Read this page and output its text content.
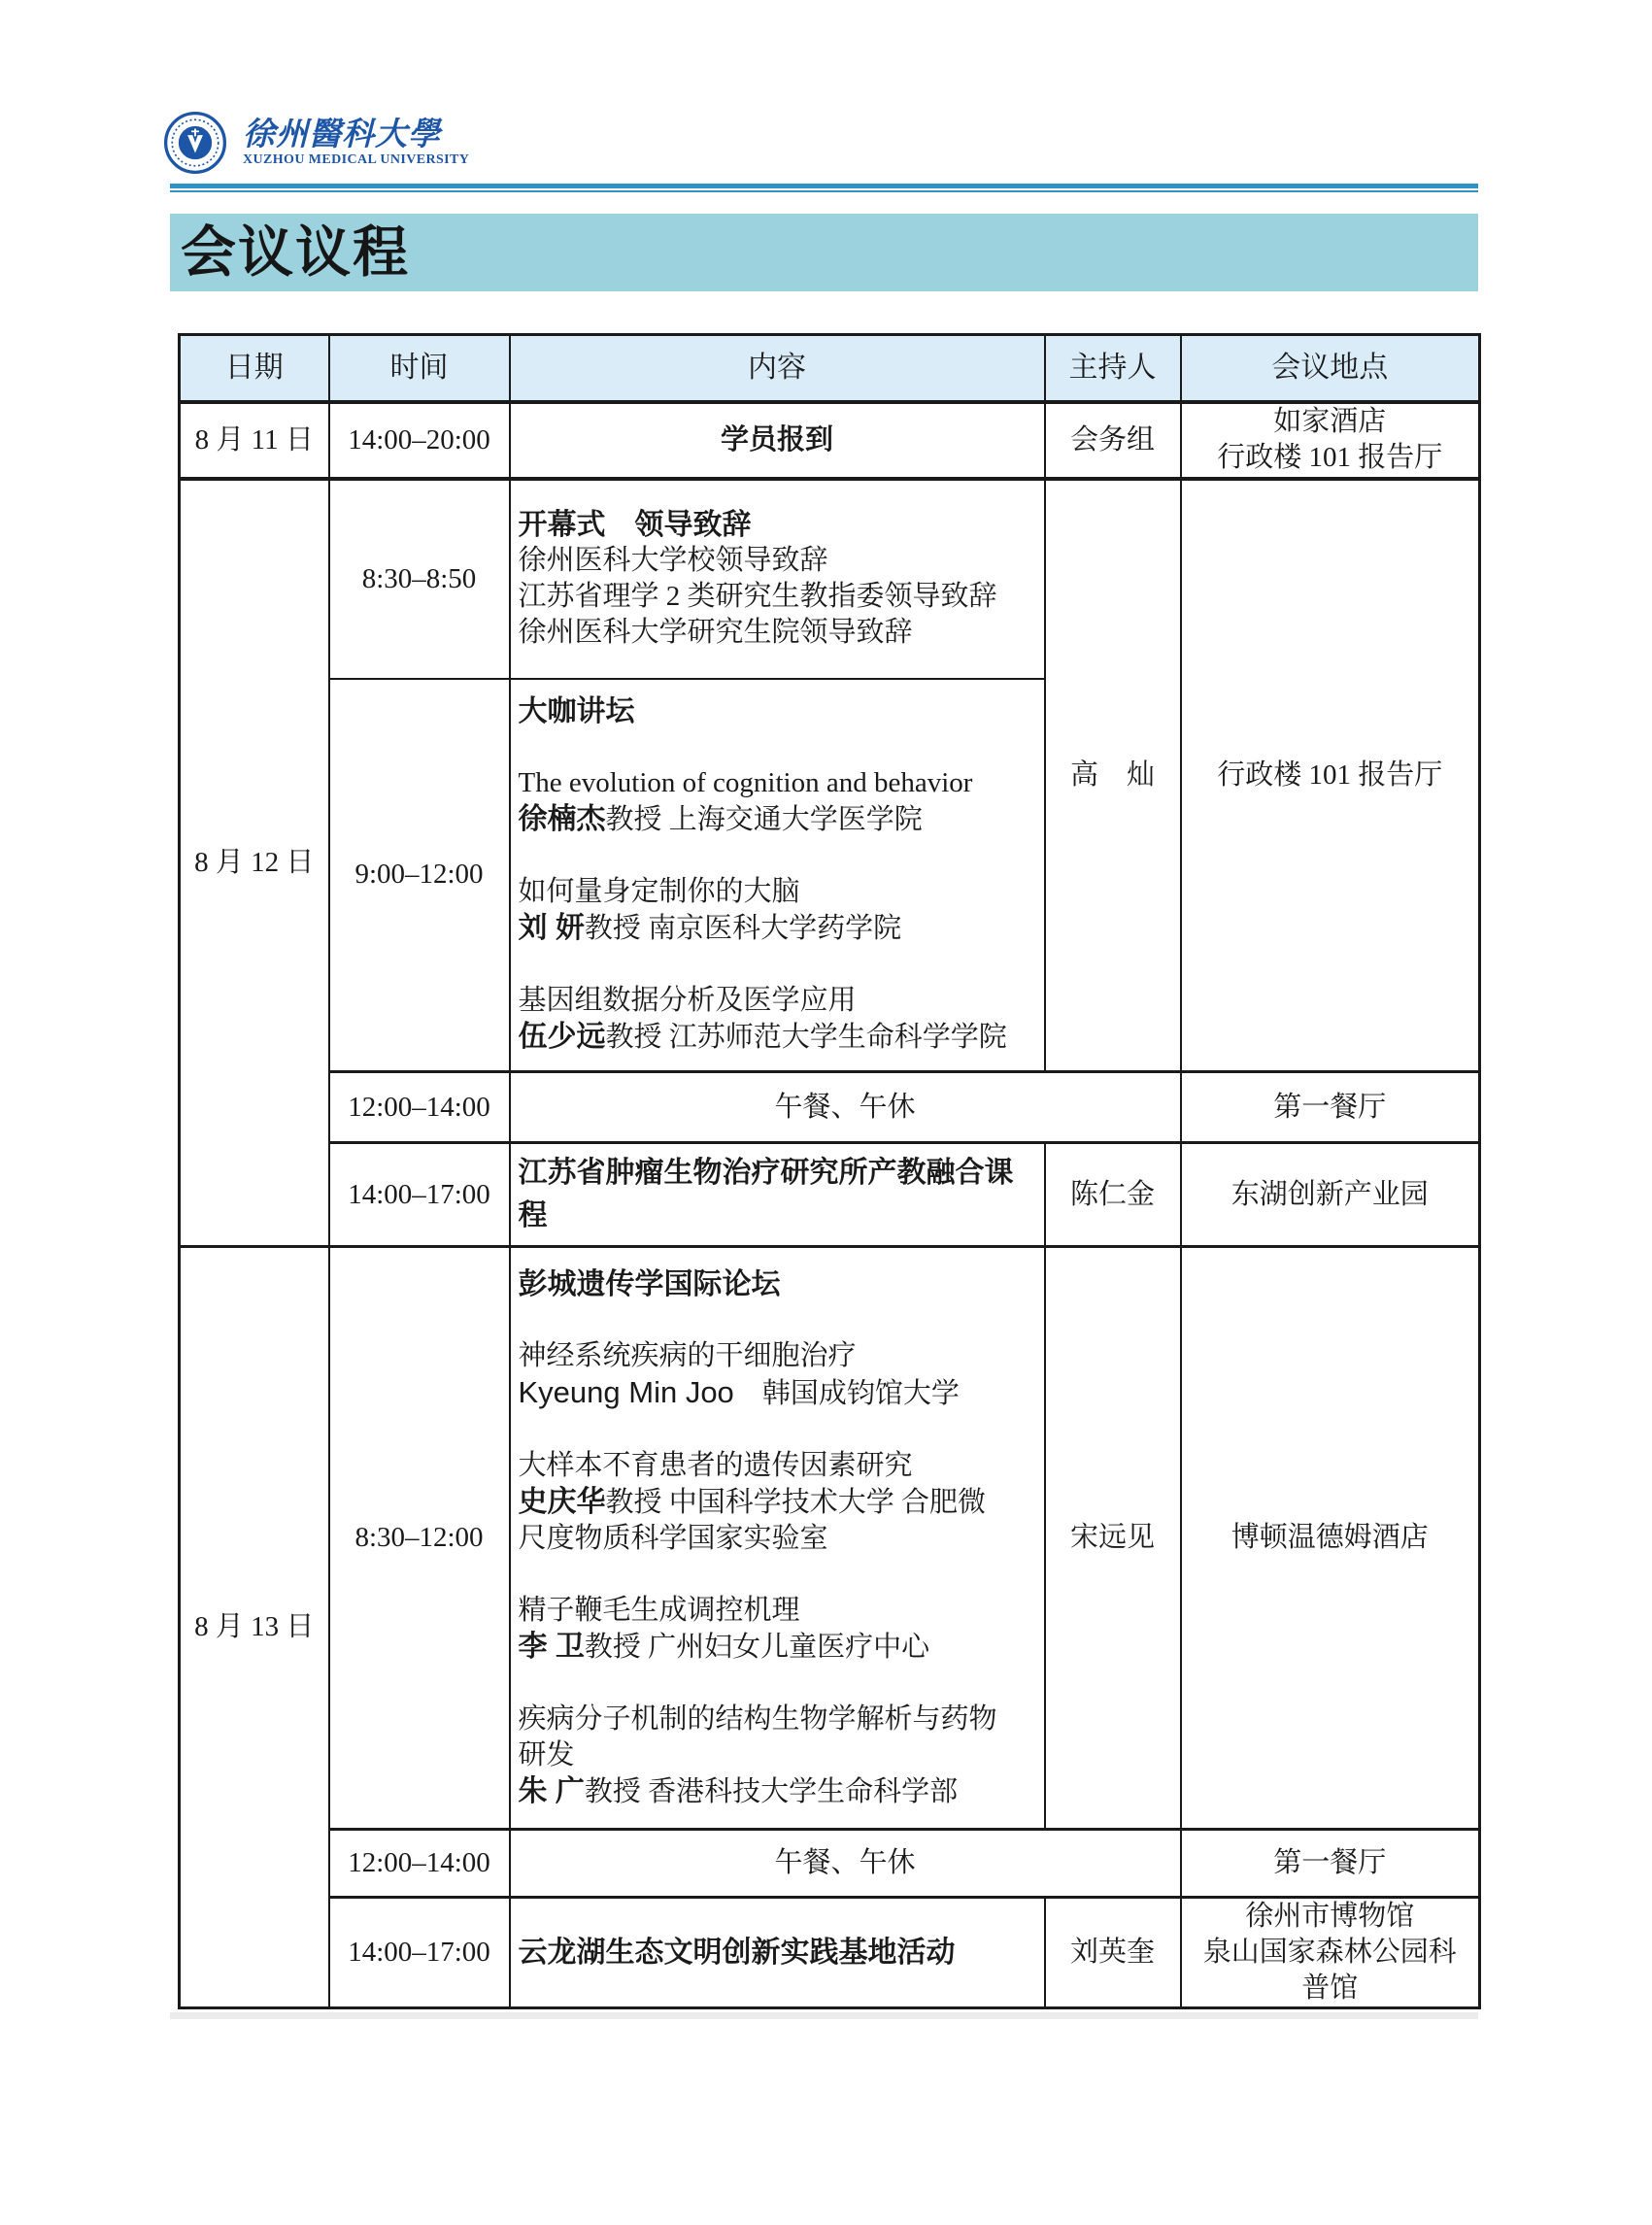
徐州醫科大學
XUZHOU MEDICAL UNIVERSITY
会议议程
日期	时间	内容	主持人	会议地点
8 月 11 日	14:00–20:00	学员报到	会务组	如家酒店
行政楼 101 报告厅

8 月 12 日	8:30–8:50	开幕式　领导致辞
徐州医科大学校领导致辞
江苏省理学 2 类研究生教指委领导致辞
徐州医科大学研究生院领导致辞	高　灿	行政楼 101 报告厅
9:00–12:00	
大咖讲坛
The evolution of cognition and behavior
徐楠杰教授 上海交通大学医学院
如何量身定制你的大脑
刘 妍教授 南京医科大学药学院
基因组数据分析及医学应用
伍少远教授 江苏师范大学生命科学学院

	12:00–14:00	午餐、午休		第一餐厅
	14:00–17:00	江苏省肿瘤生物治疗研究所产教融合课
程	陈仁金	东湖创新产业园
8 月 13 日	8:30–12:00	
彭城遗传学国际论坛
神经系统疾病的干细胞治疗
Kyeung Min Joo　韩国成钧馆大学
大样本不育患者的遗传因素研究
史庆华教授 中国科学技术大学 合肥微
尺度物质科学国家实验室
精子鞭毛生成调控机理
李 卫教授 广州妇女儿童医疗中心
疾病分子机制的结构生物学解析与药物
研发
朱 广教授 香港科技大学生命科学部
	宋远见	博顿温德姆酒店
	12:00–14:00	午餐、午休		第一餐厅
	14:00–17:00	云龙湖生态文明创新实践基地活动	刘英奎	徐州市博物馆
泉山国家森林公园科
普馆
